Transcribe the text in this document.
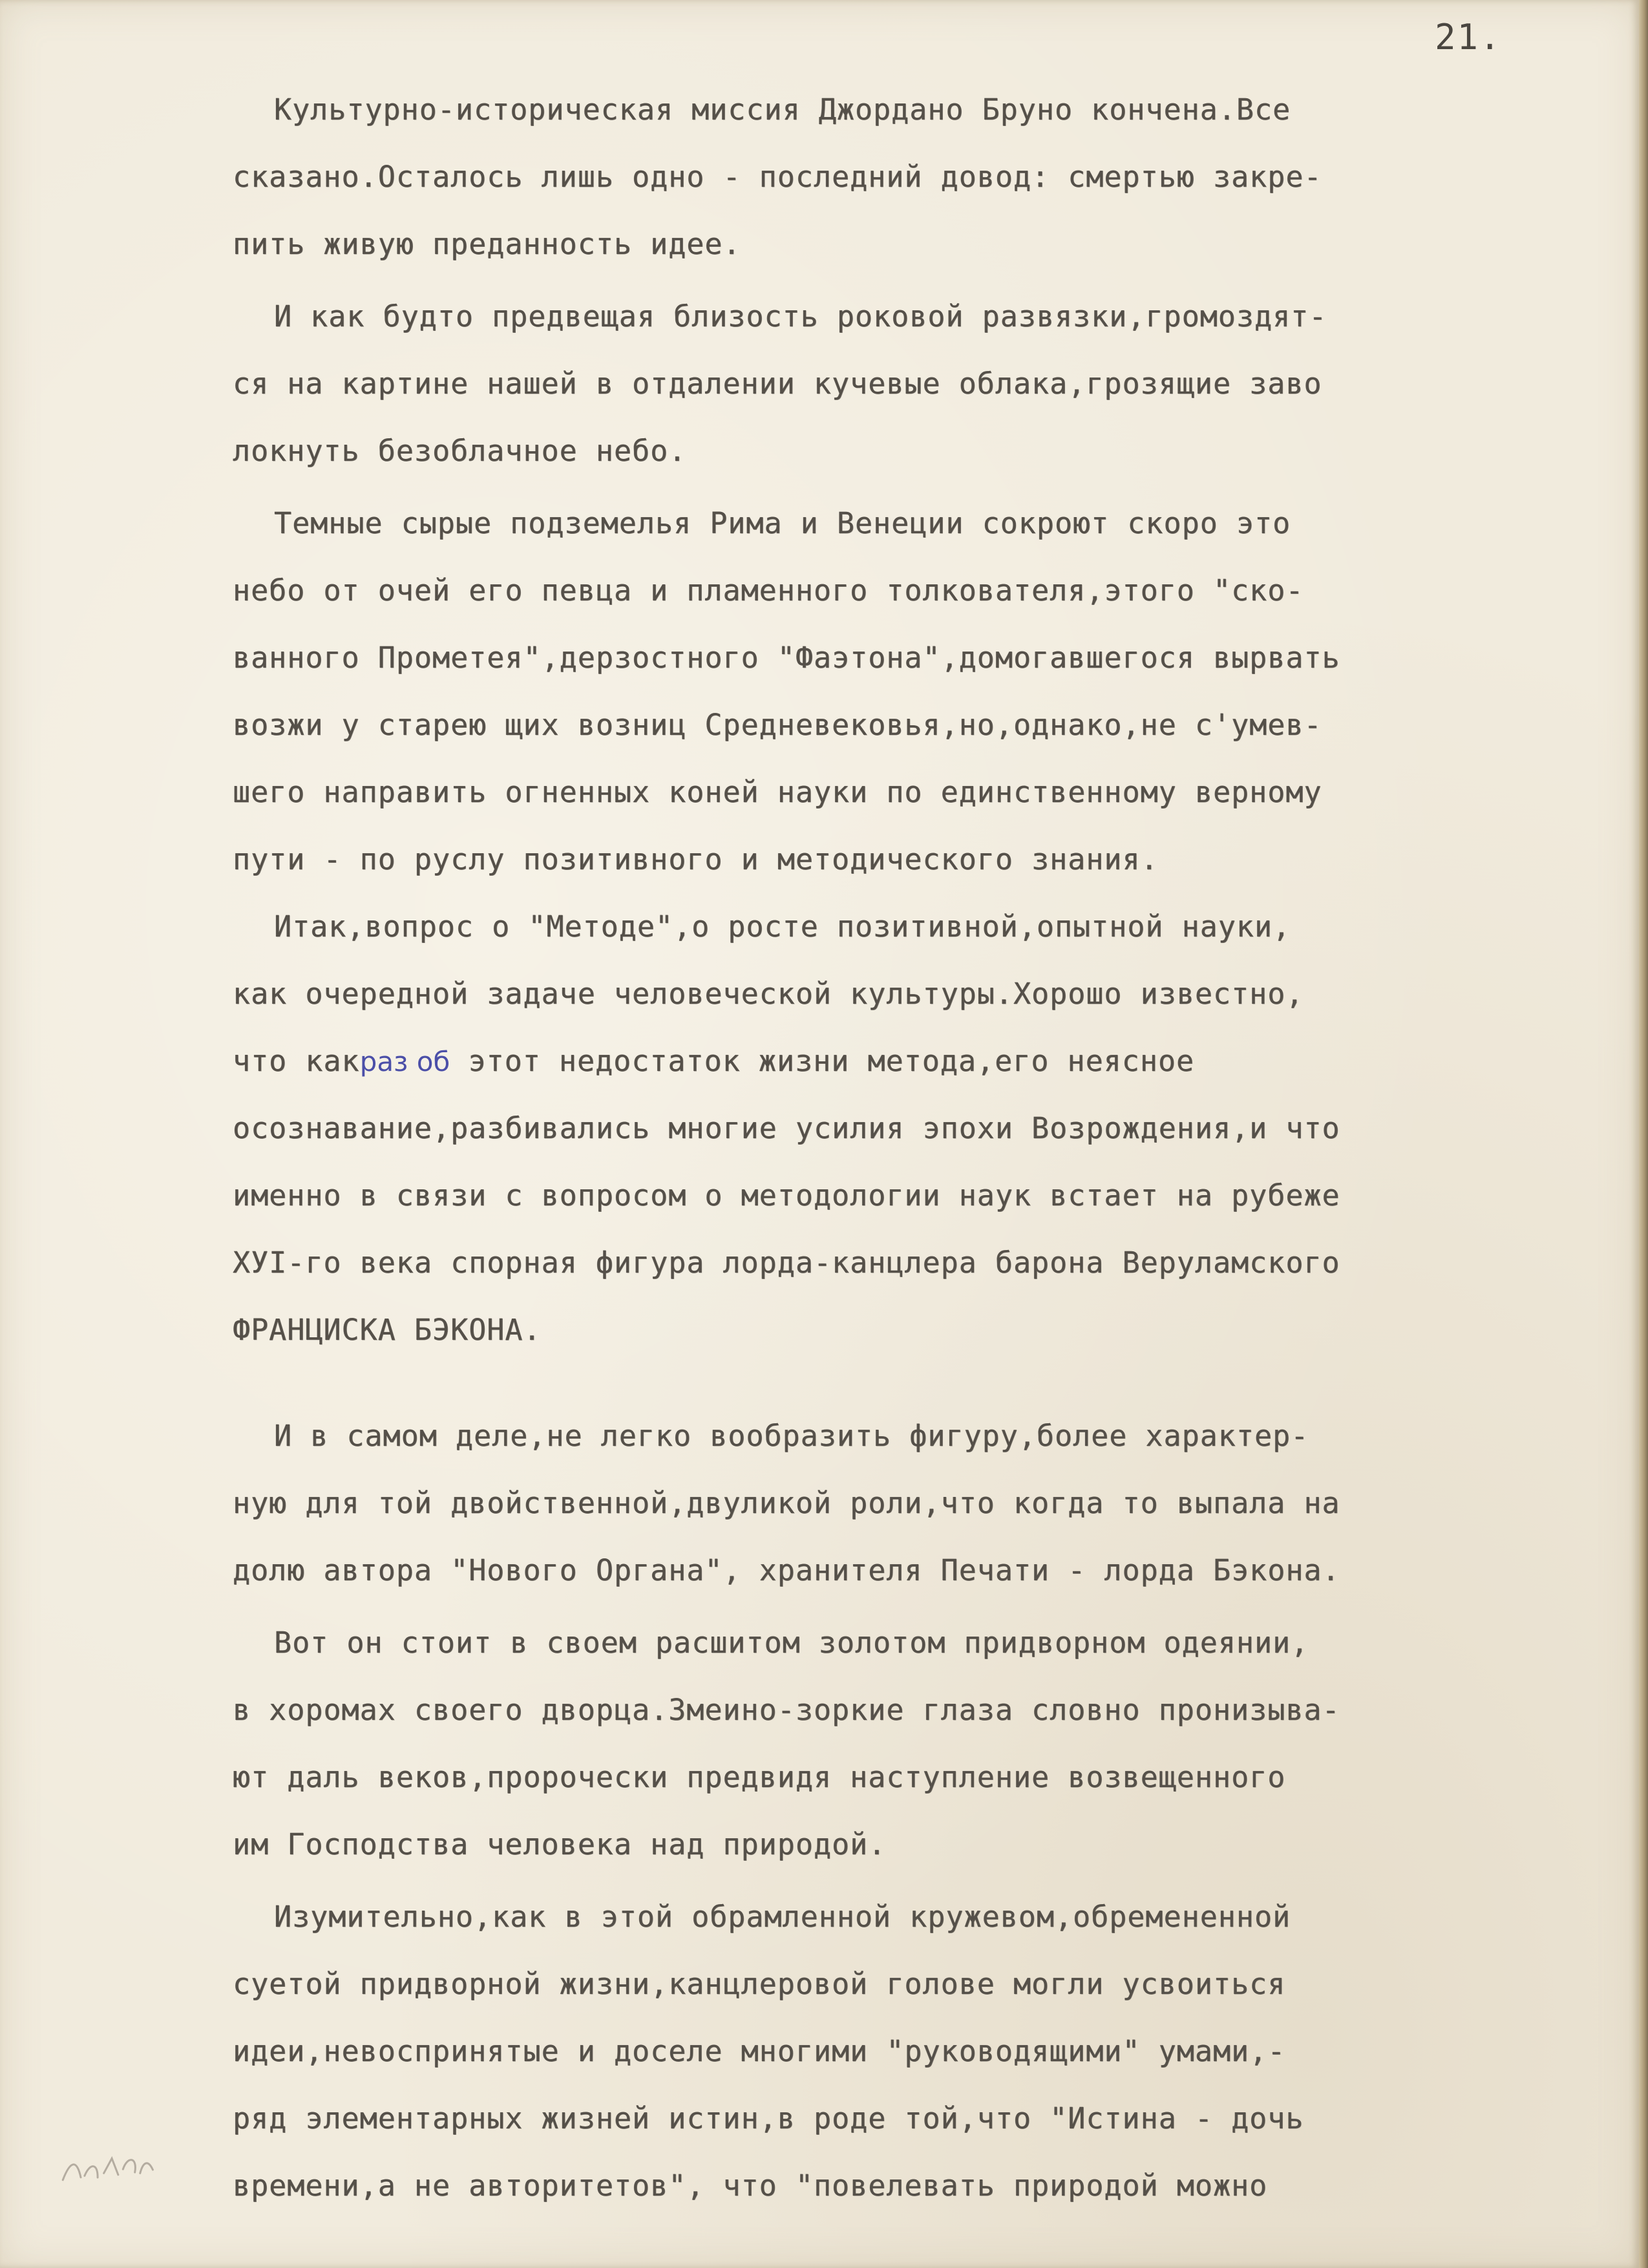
21.
Культурно-историческая миссия Джордано Бруно кончена.Все
сказано.Осталось лишь одно - последний довод: смертью закре-
пить живую преданность идее.
И как будто предвещая близость роковой развязки,громоздят-
ся на картине нашей в отдалении кучевые облака,грозящие заво
локнуть безоблачное небо.
Темные сырые подземелья Рима и Венеции сокроют скоро это
небо от очей его певца и пламенного толкователя,этого "ско-
ванного Прометея",дерзостного "Фаэтона",домогавшегося вырвать
возжи у старею щих возниц Средневековья,но,однако,не с'умев-
шего направить огненных коней науки по единственному верному
пути - по руслу позитивного и методического знания.
Итак,вопрос о "Методе",о росте позитивной,опытной науки,
как очередной задаче человеческой культуры.Хорошо известно,
что какраз об этот недостаток жизни метода,его неясное
осознавание,разбивались многие усилия эпохи Возрождения,и что
именно в связи с вопросом о методологии наук встает на рубеже
ХУI-го века спорная фигура лорда-канцлера барона Веруламского
ФРАНЦИСКА БЭКОНА.
И в самом деле,не легко вообразить фигуру,более характер-
ную для той двойственной,двуликой роли,что когда то выпала на
долю автора "Нового Органа", хранителя Печати - лорда Бэкона.
Вот он стоит в своем расшитом золотом придворном одеянии,
в хоромах своего дворца.Змеино-зоркие глаза словно пронизыва-
ют даль веков,пророчески предвидя наступление возвещенного
им Господства человека над природой.
Изумительно,как в этой обрамленной кружевом,обремененной
суетой придворной жизни,канцлеровой голове могли усвоиться
идеи,невоспринятые и доселе многими "руководящими" умами,-
ряд элементарных жизней истин,в роде той,что "Истина - дочь
времени,а не авторитетов", что "повелевать природой можно
